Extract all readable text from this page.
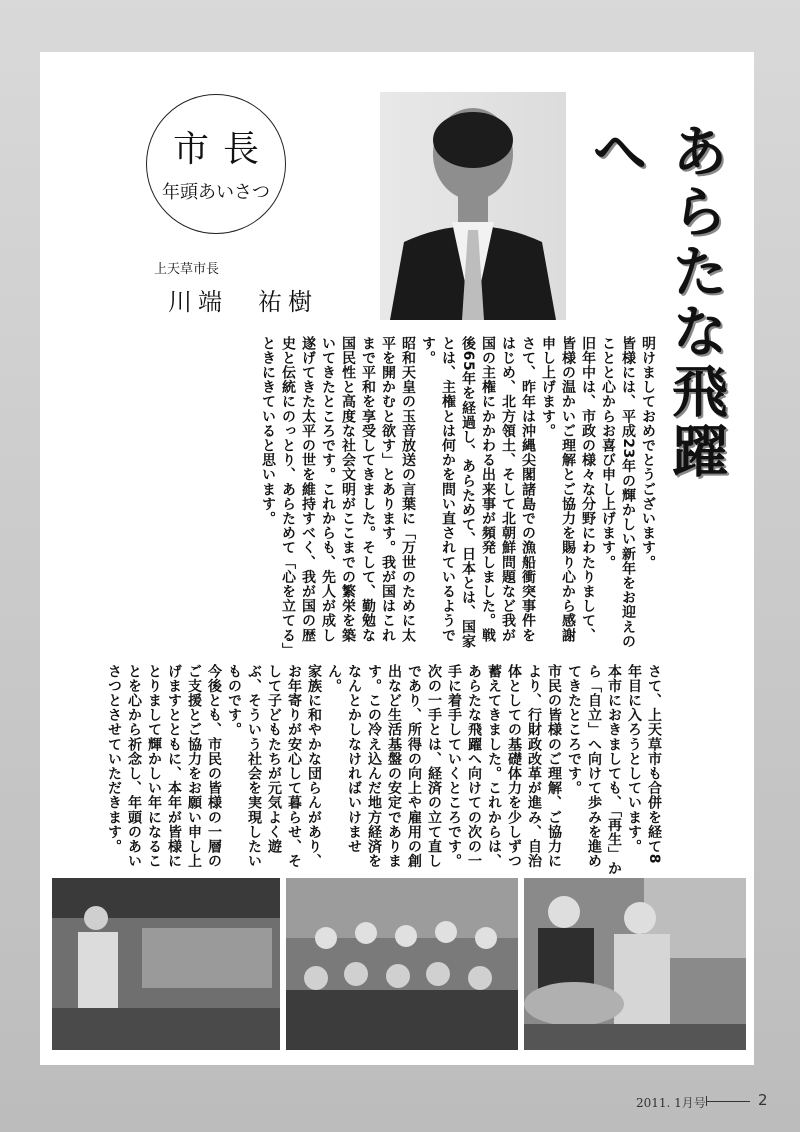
市長
年頭あいさつ
上天草市長
川端　祐樹	あらたな飛躍へ

明けましておめでとうございます。

皆様には、平成23年の輝かしい新年をお迎えのことと心からお喜び申し上げます。

旧年中は、市政の様々な分野にわたりまして、皆様の温かいご理解とご協力を賜り心から感謝申し上げます。

さて、昨年は沖縄尖閣諸島での漁船衝突事件をはじめ、北方領土、そして北朝鮮問題など我が国の主権にかかわる出来事が頻発しました。戦後65年を経過し、あらためて、日本とは、国家とは、主権とは何かを問い直されているようです。

昭和天皇の玉音放送の言葉に「万世のために太平を開かむと欲す」とあります。我が国はこれまで平和を享受してきました。そして、勤勉な国民性と高度な社会文明がここまでの繁栄を築いてきたところです。これからも、先人が成し遂げてきた太平の世を維持すべく、我が国の歴史と伝統にのっとり、あらためて「心を立てる」ときにきていると思います。

さて、上天草市も合併を経て8年目に入ろうとしています。

本市におきましても、「再生」から「自立」へ向けて歩みを進めてきたところです。

市民の皆様のご理解、ご協力により、行財政改革が進み、自治体としての基礎体力を少しずつ蓄えてきました。これからは、あらたな飛躍へ向けての次の一手に着手していくところです。

次の一手とは、経済の立て直しであり、所得の向上や雇用の創出など生活基盤の安定であります。この冷え込んだ地方経済をなんとかしなければいけません。

家族に和やかな団らんがあり、お年寄りが安心して暮らせ、そして子どもたちが元気よく遊ぶ、そういう社会を実現したいものです。

今後とも、市民の皆様の一層のご支援とご協力をお願い申し上げますとともに、本年が皆様にとりまして輝かしい年になることを心から祈念し、年頭のあいさつとさせていただきます。

2011. 1月号	2
